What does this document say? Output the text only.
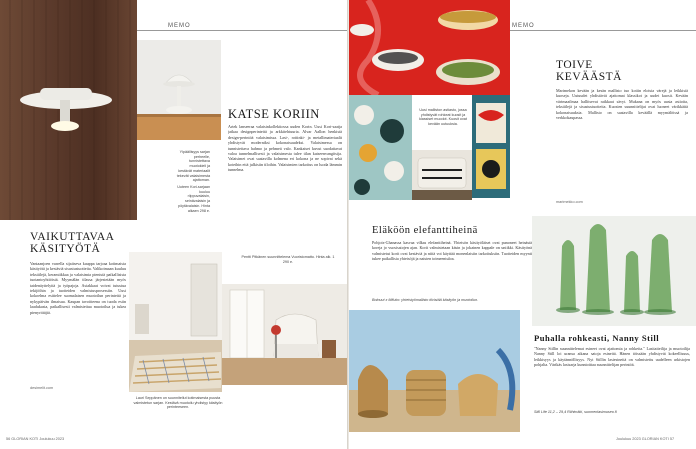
MEMO
Ylpäällisyys sarjan perheelle, tunnistettava muotokieli ja kestävät materiaalit tekevät valaisimesta ajattoman.
Uuteen Kori-sarjaan kuuluu riippuvalaisin, seinävalaisin ja pöytävalaisin. Hinta alkaen 298 e.
KATSE KORIIN
Artek lanseeraa valaisinkollektiossa uuden Korin. Uusi Kori-saatja jatkaa designperinteitä ja arkkitehtuuria. Alvar Aallon henkistä design-perintöä valaisimissa. Lasi-, rottinki- ja metallimateriaalit yhdistyvät moderniksi kokonaisuudeksi. Valaisimessa on tunnistettava hahmo ja pehmeä valo. Kankaiset kuvut suodattavat valoa tunnelmallisesti ja valaisimesta tulee tilan katseenvangitsija. Valaisimet ovat saatavilla kolmena eri kokona ja ne sopivat sekä koteihin että julkisiin tiloihin. Valaisimien tarkoitus on luoda lämmin tunnelma.
VAIKUTTAVAA
KÄSITYÖTÄ
Vantaanjoen varrella sijaitseva kauppa tarjoaa kotimaista käsityötä ja kestäviä sisustustuotteita. Valikoimaan kuuluu tekstiilejä, keramiikkaa ja valaisimia pienistä paikallisista tuotantoyhtiöistä. Myymälän tilassa järjestetään myös taidenäyttelyitä ja työpajoja. Asiakkaat voivat tutustua tekijöihin ja tuotteiden valmistusprosessiin. Uusi kokoelma esittelee suomalaisen muotoilun perinteitä ja nykypäivän ilmaisua. Kaupan tavoitteena on tuoda esiin laadukasta, paikallisesti valmistettua muotoilua ja tukea pienyrittäjiä.
desimelit.com
Pentti Pitkänen suunnittelema Vuoristomatto. Hinta alk. 1 290 e.
Lauri Seppänen on suunnitellut kotimaisesta puusta valmistetun sarjan. Kestävä muotoilu yhdistyy käsityön perinteeseen.
56 GLORIAN KOTI Joulukuu 2023
MEMO
Uusi malliston astiasto, jossa yhdistyvät rohkeat kuosit ja klassiset muodot. Kuosit ovat kevään uutuuksia.
TOIVE
KEVÄÄSTÄ
Marimekon kevään ja kesän mallisto tuo kotiin eloisia värejä ja leikkisiä kuoseja. Uutuudet yhdistävät ajattomat klassikot ja uudet kuosit. Kevään värimaailmaa hallitsevat raikkaat sävyt. Mukana on myös uusia astioita, tekstiilejä ja sisustustuotteita. Kuosien suunnittelijat ovat luoneet värikkäitä kokonaisuuksia. Mallisto on saatavilla keväällä myymälöissä ja verkkokaupassa.
marimekko.com
Eläköön elefanttiheinä
Pohjois-Ghanassa kasvaa vilkas elefanttiheinä. Yhteisön käsityöläiset ovat punoneet heinästä koreja jo vuosisatojen ajan. Korit valmistetaan käsin ja jokainen kappale on uniikki. Käsityönä valmistetut korit ovat kestäviä ja niitä voi käyttää monenlaisiin tarkoituksiin. Tuotteiden myynti tukee paikallisia yhteisöjä ja naisten toimeentuloa.
Bolnuut x Mifuko: yhteistyömallisto tiivistää käsityön ja muotoilun.
Puhalla rohkeasti, Nanny Still
"Nanny Stillin suunnittelemat esineet ovat ajattomia ja rohkeita." Lasitaiteilija ja muotoilija Nanny Still loi uransa aikana satoja esineitä. Hänen töissään yhdistyvät kokeellisuus, leikkisyys ja käytännöllisyys. Nyt Stillin lasiesineitä on valmistettu uudelleen arkistojen pohjalta. Värikäs lasisarja kunnioittaa suunnittelijan perintöä.
Still Life 11,2 – 29,4 Riihimäki, suomenlasimuseo.fi
Joulukuu 2023 GLORIAN KOTI 57
